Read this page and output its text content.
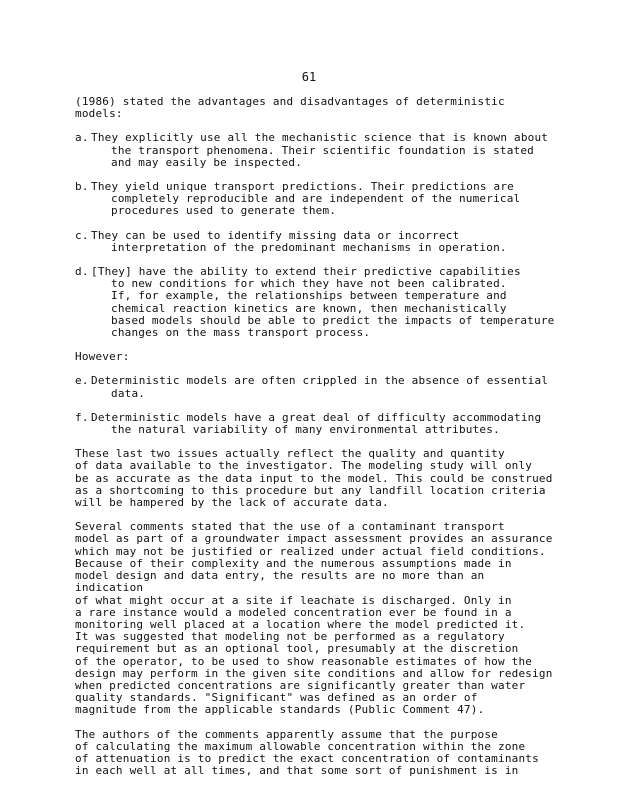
61

(1986) stated the advantages and disadvantages of deterministic
models:

a. They explicitly use all the mechanistic science that is known about
the transport phenomena. Their scientific foundation is stated
and may easily be inspected.
b. They yield unique transport predictions. Their predictions are
completely reproducible and are independent of the numerical
procedures used to generate them.
c. They can be used to identify missing data or incorrect
interpretation of the predominant mechanisms in operation.
d. [They] have the ability to extend their predictive capabilities
to new conditions for which they have not been calibrated.
If, for example, the relationships between temperature and
chemical reaction kinetics are known, then mechanistically
based models should be able to predict the impacts of temperature
changes on the mass transport process.

However:

e. Deterministic models are often crippled in the absence of essential
data.
f. Deterministic models have a great deal of difficulty accommodating
the natural variability of many environmental attributes.

These last two issues actually reflect the quality and quantity
of data available to the investigator. The modeling study will only
be as accurate as the data input to the model. This could be construed
as a shortcoming to this procedure but any landfill location criteria
will be hampered by the lack of accurate data.

Several comments stated that the use of a contaminant transport
model as part of a groundwater impact assessment provides an assurance
which may not be justified or realized under actual field conditions.
Because of their complexity and the numerous assumptions made in
model design and data entry, the results are no more than an indication
of what might occur at a site if leachate is discharged. Only in
a rare instance would a modeled concentration ever be found in a
monitoring well placed at a location where the model predicted it.
It was suggested that modeling not be performed as a regulatory
requirement but as an optional tool, presumably at the discretion
of the operator, to be used to show reasonable estimates of how the
design may perform in the given site conditions and allow for redesign
when predicted concentrations are significantly greater than water
quality standards. "Significant" was defined as an order of
magnitude from the applicable standards (Public Comment 47).

The authors of the comments apparently assume that the purpose
of calculating the maximum allowable concentration within the zone
of attenuation is to predict the exact concentration of contaminants
in each well at all times, and that some sort of punishment is in
